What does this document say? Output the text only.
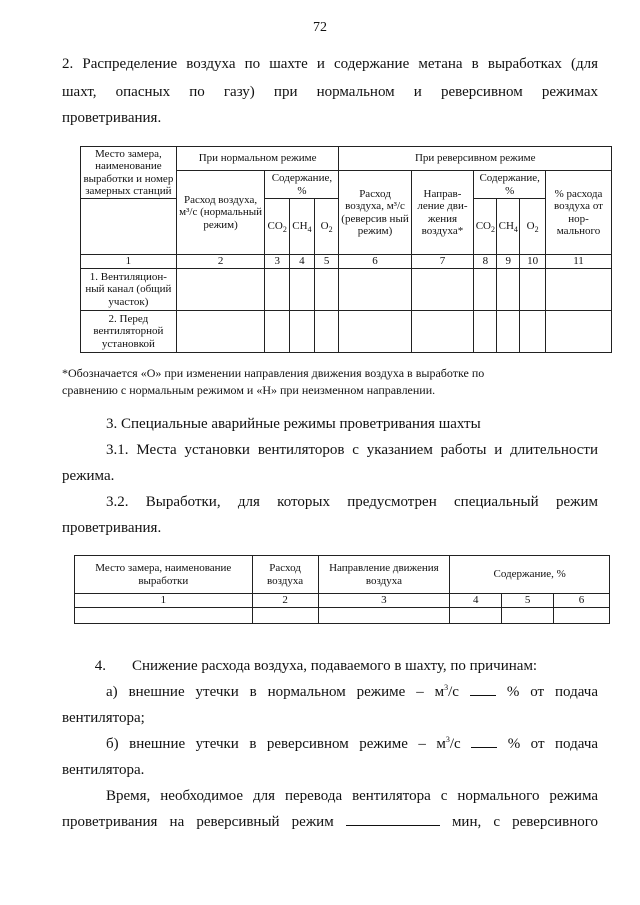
72
2. Распределение воздуха по шахте и содержание метана в выработках (для
шахт, опасных по газу) при нормальном и реверсивном режимах
проветривания.
Место замера, наименование выработки и номер замерных станций	При нормальном режиме				При реверсивном режиме					
	Расход воздуха, м³/с (нормальный режим)	Содержание, %			Расход воздуха, м³/с (реверсив ный режим)	Направ-ление дви-жения воздуха*	Содержание, %			% расхода воздуха от нор-мального
		$CO_2$	$CH_4$	$O_2$			$CO_2$	$CH_4$	$O_2$
1	2	3	4	5	6	7	8	9	10	11
1. Вентиляцион-ный канал (общий участок)										
2. Перед вентиляторной установкой										
*Обозначается «О» при изменении направления движения воздуха в выработке по
сравнению с нормальным режимом и «Н» при неизменном направлении.
3. Специальные аварийные режимы проветривания шахты
3.1. Места установки вентиляторов с указанием работы и длительности
режима.
3.2. Выработки, для которых предусмотрен специальный режим
проветривания.
Место замера, наименование выработки	Расход воздуха	Направление движения воздуха	Содержание, %		
1	2	3	4	5	6

4. Снижение расхода воздуха, подаваемого в шахту, по причинам:
а) внешние утечки в нормальном режиме – $м^3/с$	% от подача
вентилятора;
б) внешние утечки в реверсивном режиме – $м^3/с$	% от подача
вентилятора.
Время, необходимое для перевода вентилятора с нормального режима
проветривания на реверсивный режим	мин, с реверсивного
